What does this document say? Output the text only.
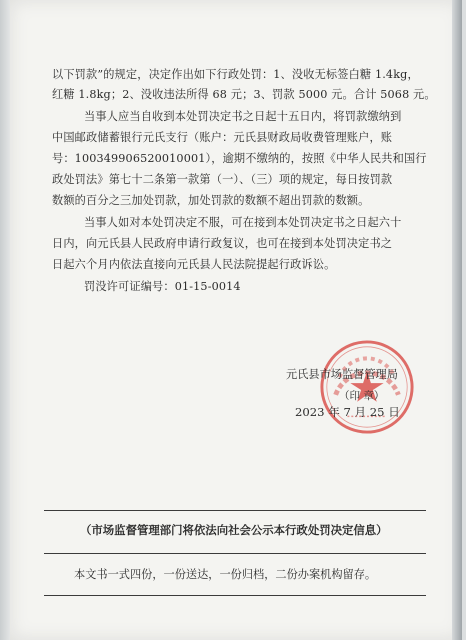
以下罚款”的规定，决定作出如下行政处罚：1、没收无标签白糖 1.4kg，
红糖 1.8kg；2、没收违法所得 68 元；3、罚款 5000 元。合计 5068 元。
当事人应当自收到本处罚决定书之日起十五日内，将罚款缴纳到
中国邮政储蓄银行元氏支行（账户：元氏县财政局收费管理账户，账
号：100349906520010001），逾期不缴纳的，按照《中华人民共和国行
政处罚法》第七十二条第一款第（一）、（三）项的规定，每日按罚款
数额的百分之三加处罚款，加处罚款的数额不超出罚款的数额。
当事人如对本处罚决定不服，可在接到本处罚决定书之日起六十
日内，向元氏县人民政府申请行政复议，也可在接到本处罚决定书之
日起六个月内依法直接向元氏县人民法院提起行政诉讼。
罚没许可证编号：01-15-0014
元氏县市场监督管理局
（印 章）
2023 年 7 月 25 日
（市场监督管理部门将依法向社会公示本行政处罚决定信息）
本文书一式四份，一份送达，一份归档，二份办案机构留存。
